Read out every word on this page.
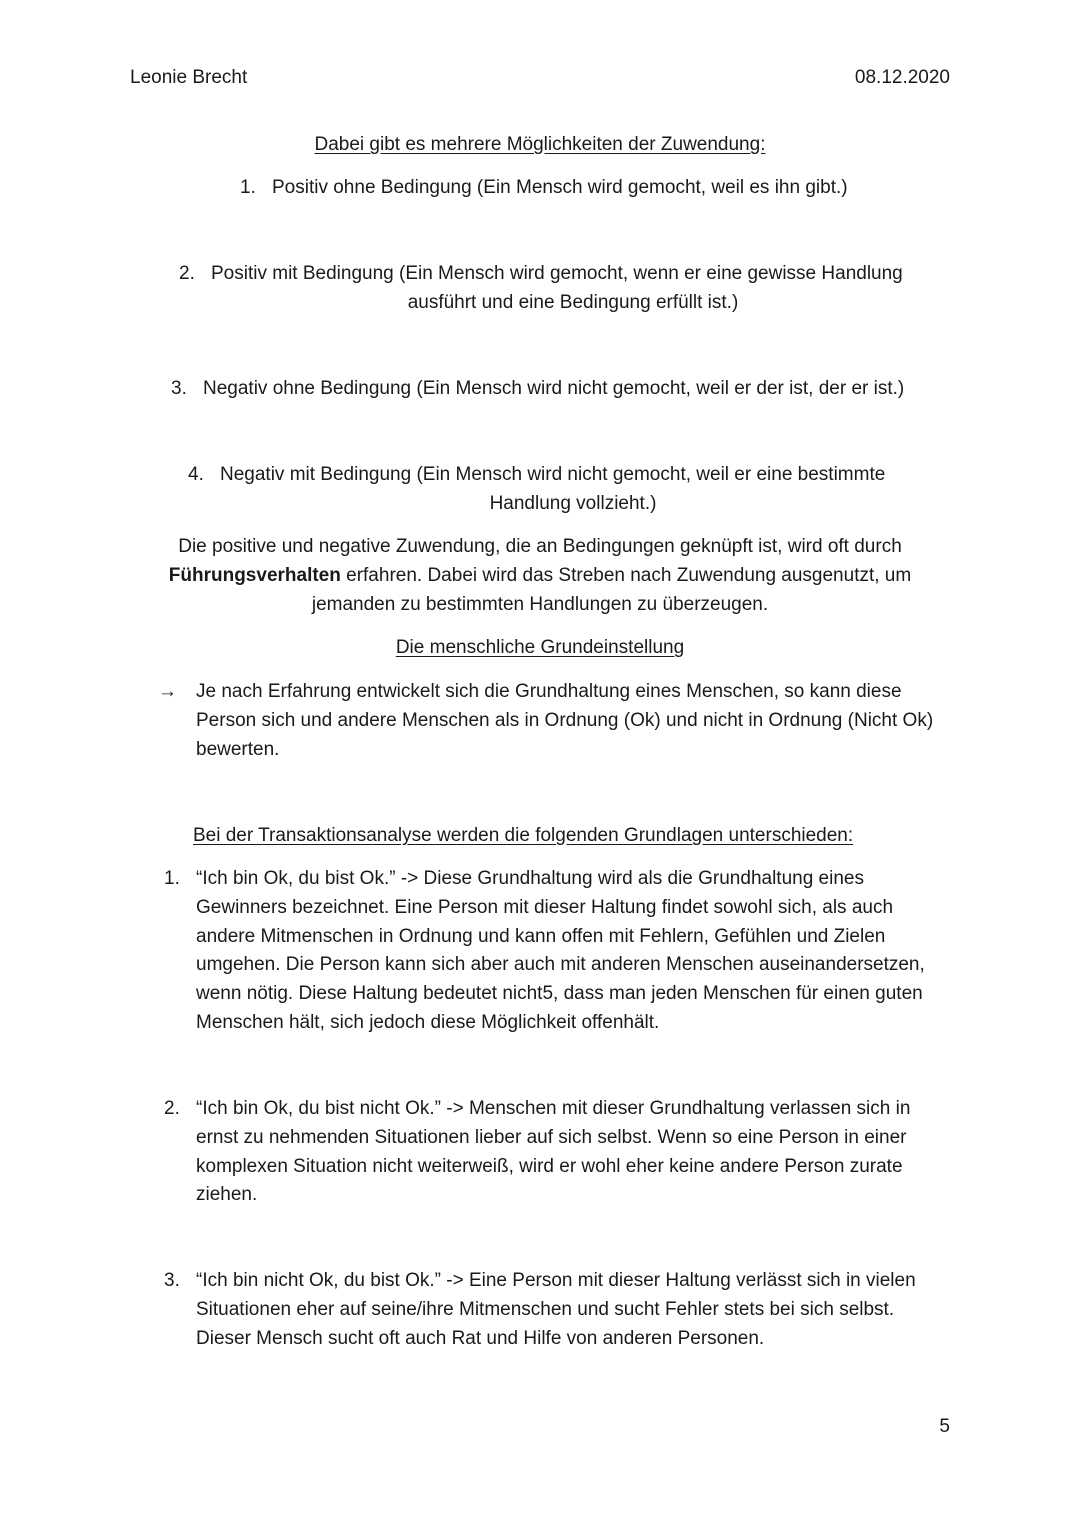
Leonie Brecht	08.12.2020

Dabei gibt es mehrere Möglichkeiten der Zuwendung:

1. Positiv ohne Bedingung (Ein Mensch wird gemocht, weil es ihn gibt.)
2. Positiv mit Bedingung (Ein Mensch wird gemocht, wenn er eine gewisse Handlung
ausführt und eine Bedingung erfüllt ist.)
3. Negativ ohne Bedingung (Ein Mensch wird nicht gemocht, weil er der ist, der er ist.)
4. Negativ mit Bedingung (Ein Mensch wird nicht gemocht, weil er eine bestimmte
Handlung vollzieht.)
Die positive und negative Zuwendung, die an Bedingungen geknüpft ist, wird oft durch
Führungsverhalten erfahren. Dabei wird das Streben nach Zuwendung ausgenutzt, um
jemanden zu bestimmten Handlungen zu überzeugen.

Die menschliche Grundeinstellung

→	Je nach Erfahrung entwickelt sich die Grundhaltung eines Menschen, so kann diese Person sich und andere Menschen als in Ordnung (Ok) und nicht in Ordnung (Nicht Ok) bewerten.

Bei der Transaktionsanalyse werden die folgenden Grundlagen unterschieden:

1. “Ich bin Ok, du bist Ok.” -> Diese Grundhaltung wird als die Grundhaltung eines Gewinners bezeichnet. Eine Person mit dieser Haltung findet sowohl sich, als auch andere Mitmenschen in Ordnung und kann offen mit Fehlern, Gefühlen und Zielen umgehen. Die Person kann sich aber auch mit anderen Menschen auseinandersetzen, wenn nötig. Diese Haltung bedeutet nicht5, dass man jeden Menschen für einen guten Menschen hält, sich jedoch diese Möglichkeit offenhält.
2. “Ich bin Ok, du bist nicht Ok.” -> Menschen mit dieser Grundhaltung verlassen sich in ernst zu nehmenden Situationen lieber auf sich selbst. Wenn so eine Person in einer komplexen Situation nicht weiterweiß, wird er wohl eher keine andere Person zurate ziehen.
3. “Ich bin nicht Ok, du bist Ok.” -> Eine Person mit dieser Haltung verlässt sich in vielen Situationen eher auf seine/ihre Mitmenschen und sucht Fehler stets bei sich selbst. Dieser Mensch sucht oft auch Rat und Hilfe von anderen Personen.

5
